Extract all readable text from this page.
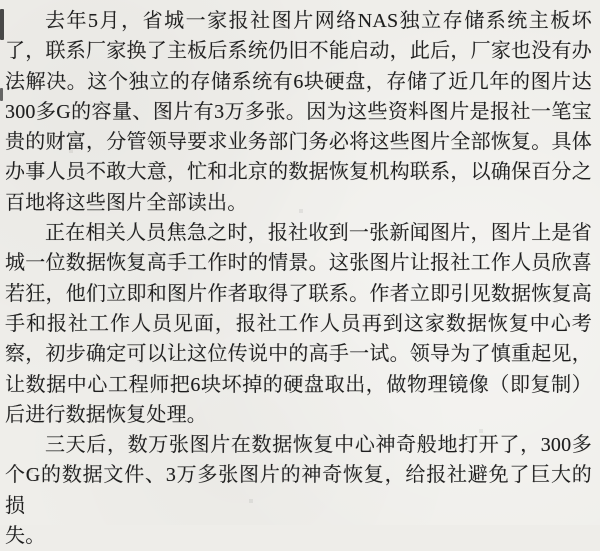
去年5月，省城一家报社图片网络NAS独立存储系统主板坏

了，联系厂家换了主板后系统仍旧不能启动，此后，厂家也没有办

法解决。这个独立的存储系统有6块硬盘，存储了近几年的图片达

300多G的容量、图片有3万多张。因为这些资料图片是报社一笔宝

贵的财富，分管领导要求业务部门务必将这些图片全部恢复。具体

办事人员不敢大意，忙和北京的数据恢复机构联系，以确保百分之

百地将这些图片全部读出。

正在相关人员焦急之时，报社收到一张新闻图片，图片上是省

城一位数据恢复高手工作时的情景。这张图片让报社工作人员欣喜

若狂，他们立即和图片作者取得了联系。作者立即引见数据恢复高

手和报社工作人员见面，报社工作人员再到这家数据恢复中心考

察，初步确定可以让这位传说中的高手一试。领导为了慎重起见，

让数据中心工程师把6块坏掉的硬盘取出，做物理镜像（即复制）

后进行数据恢复处理。

三天后，数万张图片在数据恢复中心神奇般地打开了，300多

个G的数据文件、3万多张图片的神奇恢复，给报社避免了巨大的损

失。
